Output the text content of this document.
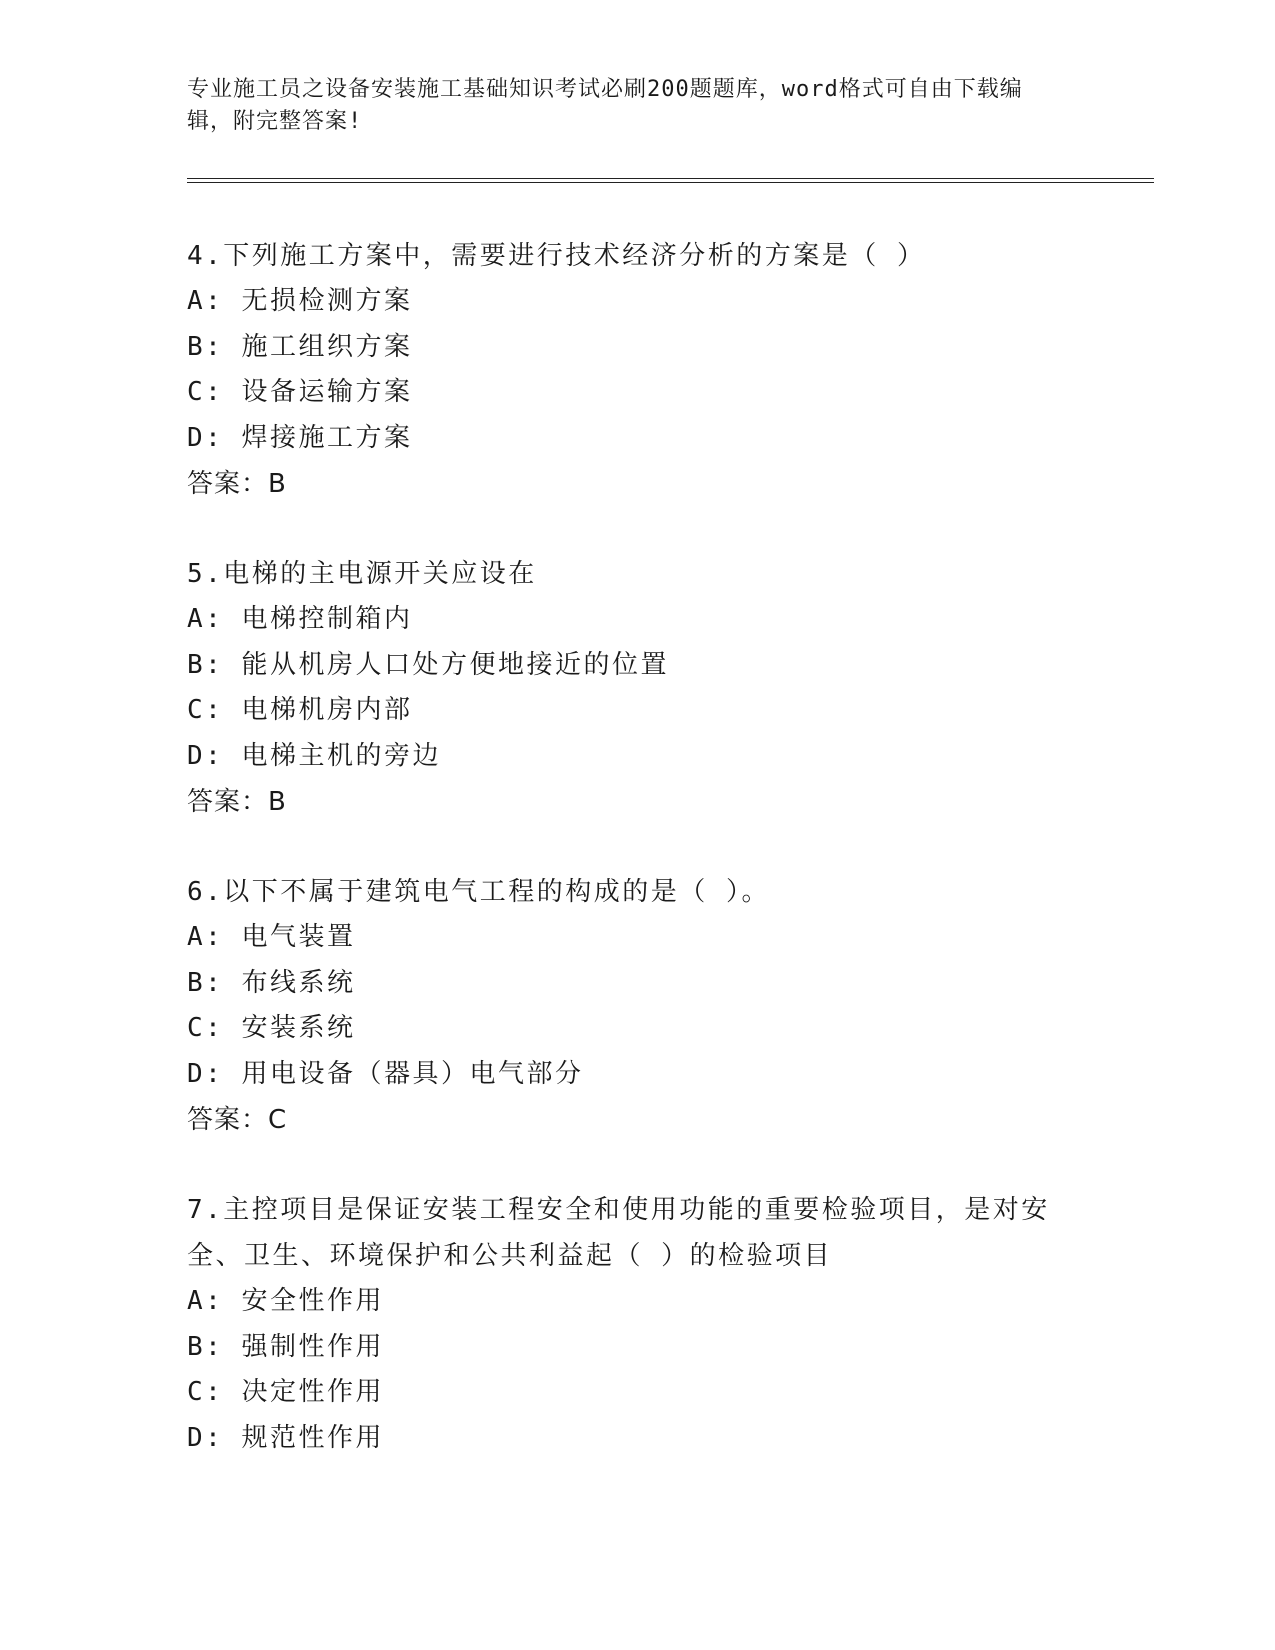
专业施工员之设备安装施工基础知识考试必刷200题题库，word格式可自由下载编辑，附完整答案!
4.下列施工方案中，需要进行技术经济分析的方案是（ ）
A: 无损检测方案
B: 施工组织方案
C: 设备运输方案
D: 焊接施工方案
答案：B
5.电梯的主电源开关应设在
A: 电梯控制箱内
B: 能从机房人口处方便地接近的位置
C: 电梯机房内部
D: 电梯主机的旁边
答案：B
6.以下不属于建筑电气工程的构成的是（ ）。
A: 电气装置
B: 布线系统
C: 安装系统
D: 用电设备（器具）电气部分
答案：C
7.主控项目是保证安装工程安全和使用功能的重要检验项目，是对安全、卫生、环境保护和公共利益起（ ）的检验项目
A: 安全性作用
B: 强制性作用
C: 决定性作用
D: 规范性作用
